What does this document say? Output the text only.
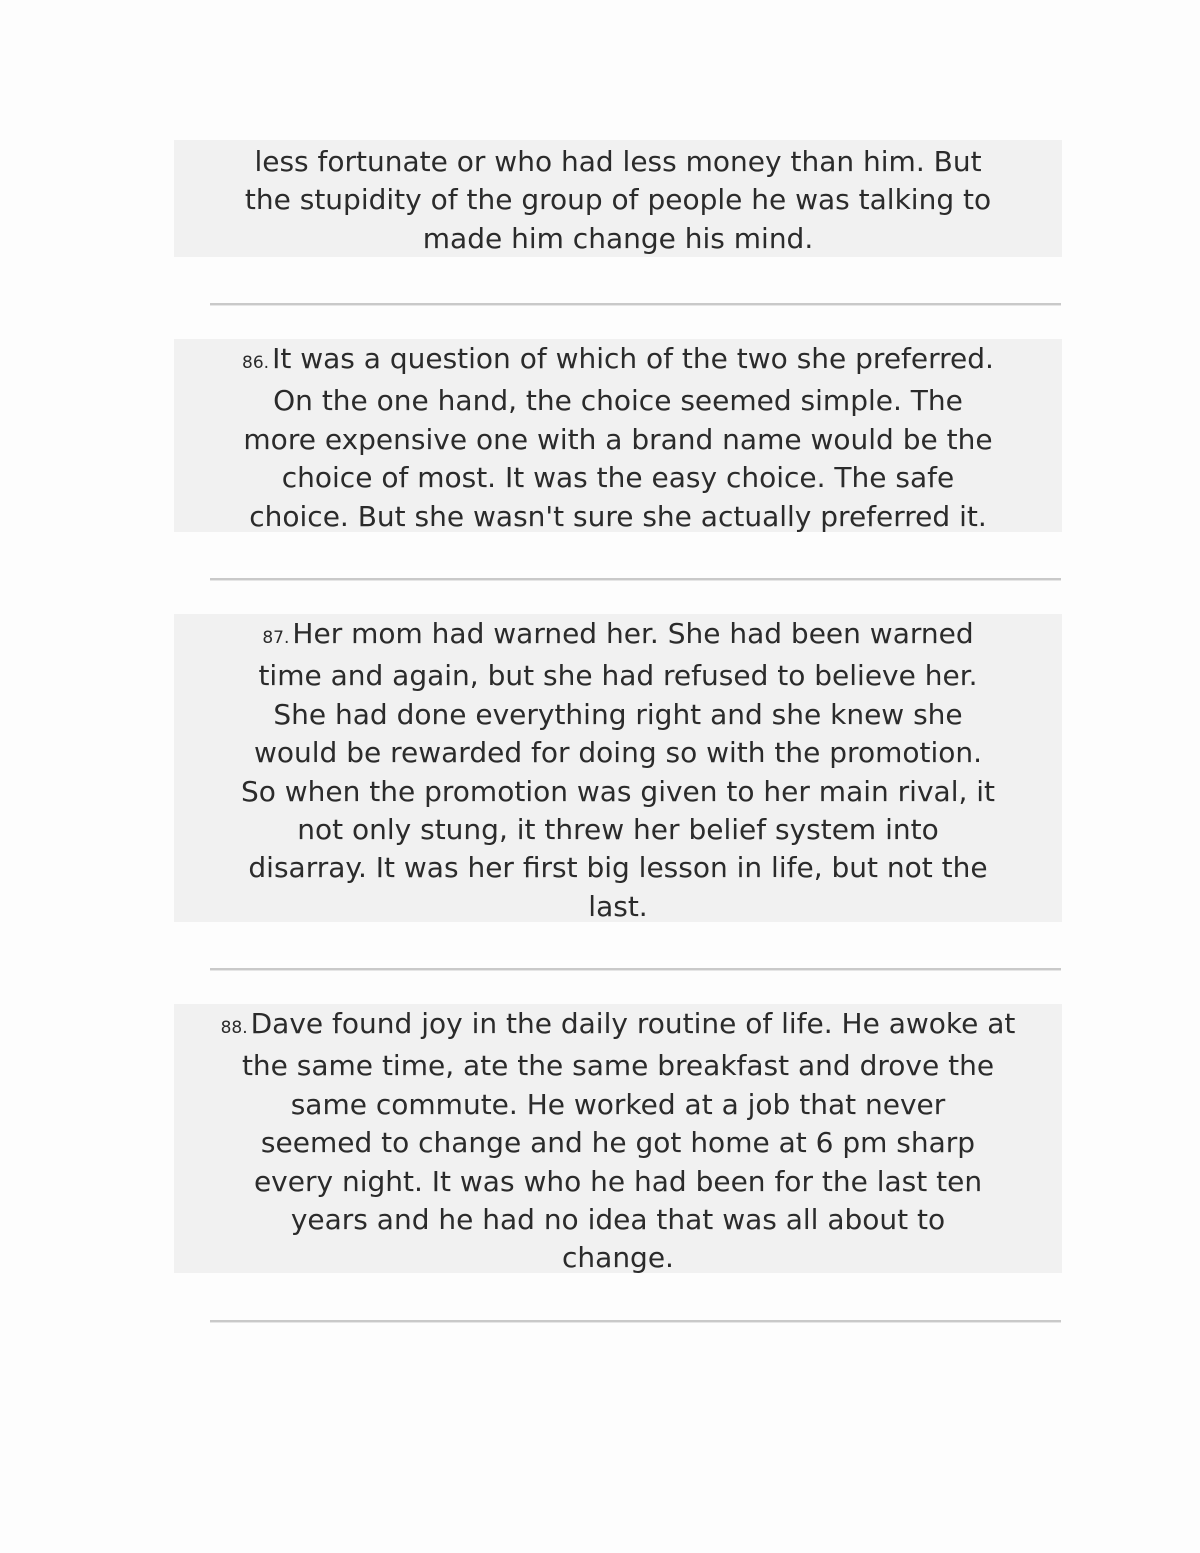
less fortunate or who had less money than him. But
the stupidity of the group of people he was talking to
made him change his mind.
86. It was a question of which of the two she preferred.
On the one hand, the choice seemed simple. The
more expensive one with a brand name would be the
choice of most. It was the easy choice. The safe
choice. But she wasn't sure she actually preferred it.
87. Her mom had warned her. She had been warned
time and again, but she had refused to believe her.
She had done everything right and she knew she
would be rewarded for doing so with the promotion.
So when the promotion was given to her main rival, it
not only stung, it threw her belief system into
disarray. It was her first big lesson in life, but not the
last.
88. Dave found joy in the daily routine of life. He awoke at
the same time, ate the same breakfast and drove the
same commute. He worked at a job that never
seemed to change and he got home at 6 pm sharp
every night. It was who he had been for the last ten
years and he had no idea that was all about to
change.
